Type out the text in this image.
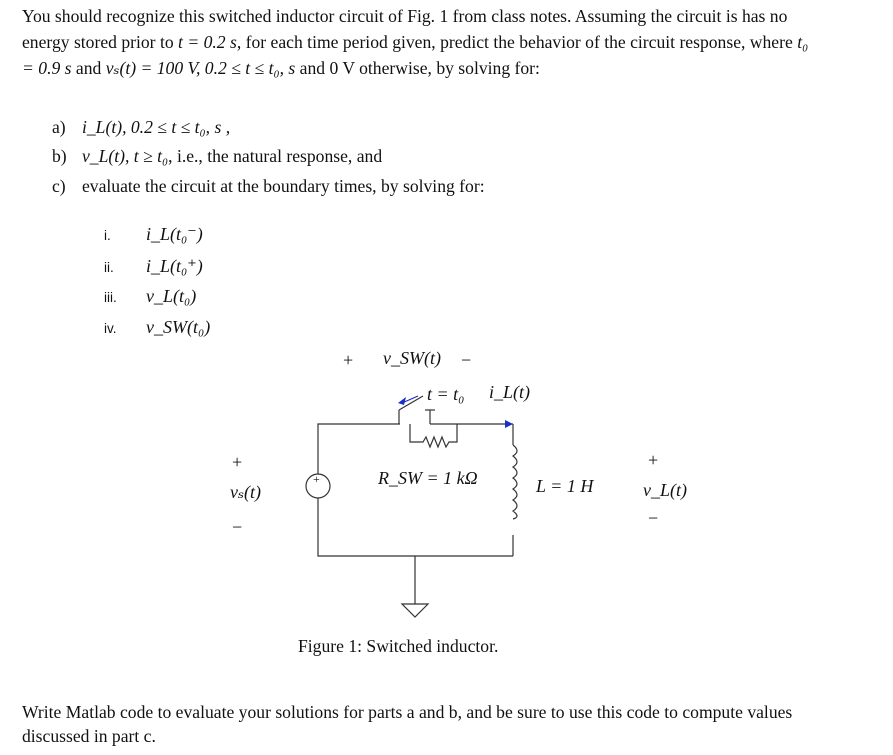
You should recognize this switched inductor circuit of Fig. 1 from class notes. Assuming the circuit is has no energy stored prior to t = 0.2 s, for each time period given, predict the behavior of the circuit response, where t₀ = 0.9 s and vₛ(t) = 100 V, 0.2 ≤ t ≤ t₀, s and 0 V otherwise, by solving for:
a) i_L(t), 0.2 ≤ t ≤ t₀, s ,
b) v_L(t), t ≥ t₀, i.e., the natural response, and
c) evaluate the circuit at the boundary times, by solving for:
i. i_L(t₀⁻)
ii. i_L(t₀⁺)
iii. v_L(t₀)
iv. v_SW(t₀)
+ v_SW(t) −
t = t₀ i_L(t)
+
vₛ(t)
−
+	R_SW = 1 kΩ	L = 1 H
+
v_L(t)
−
Figure 1: Switched inductor.
Write Matlab code to evaluate your solutions for parts a and b, and be sure to use this code to compute values discussed in part c.
